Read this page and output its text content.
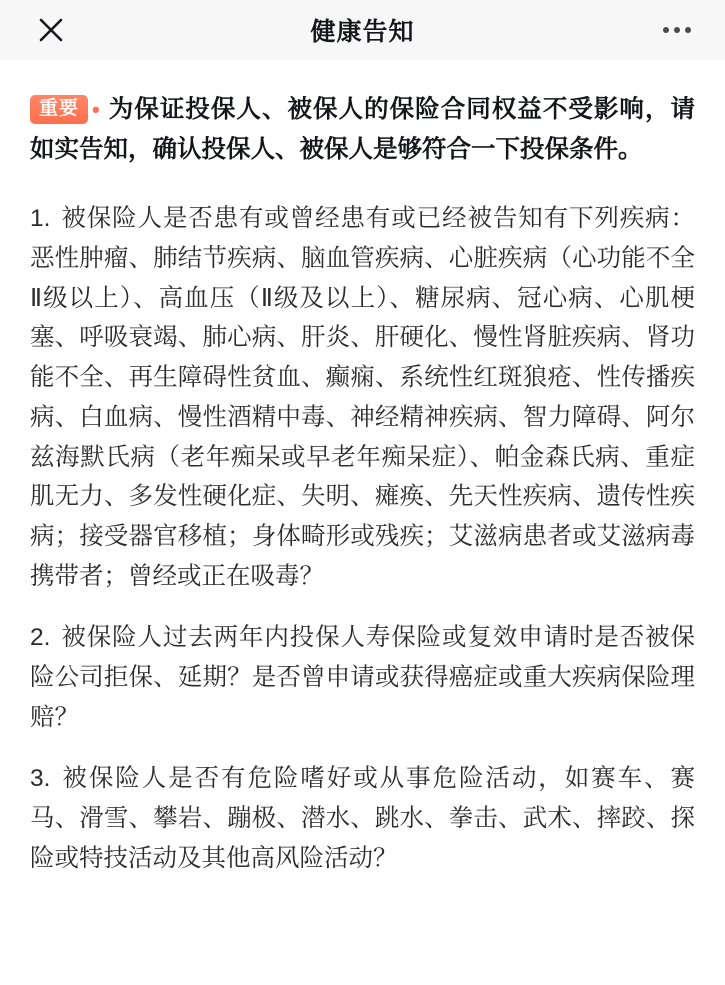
健康告知

重要 • 为保证投保人、被保人的保险合同权益不受影响，请如实告知，确认投保人、被保人是够符合一下投保条件。

1. 被保险人是否患有或曾经患有或已经被告知有下列疾病：恶性肿瘤、肺结节疾病、脑血管疾病、心脏疾病（心功能不全Ⅱ级以上）、高血压（Ⅱ级及以上）、糖尿病、冠心病、心肌梗塞、呼吸衰竭、肺心病、肝炎、肝硬化、慢性肾脏疾病、肾功能不全、再生障碍性贫血、癫痫、系统性红斑狼疮、性传播疾病、白血病、慢性酒精中毒、神经精神疾病、智力障碍、阿尔兹海默氏病（老年痴呆或早老年痴呆症）、帕金森氏病、重症肌无力、多发性硬化症、失明、瘫痪、先天性疾病、遗传性疾病；接受器官移植；身体畸形或残疾；艾滋病患者或艾滋病毒携带者；曾经或正在吸毒？

2. 被保险人过去两年内投保人寿保险或复效申请时是否被保险公司拒保、延期？是否曾申请或获得癌症或重大疾病保险理赔？

3. 被保险人是否有危险嗜好或从事危险活动，如赛车、赛马、滑雪、攀岩、蹦极、潜水、跳水、拳击、武术、摔跤、探险或特技活动及其他高风险活动？
